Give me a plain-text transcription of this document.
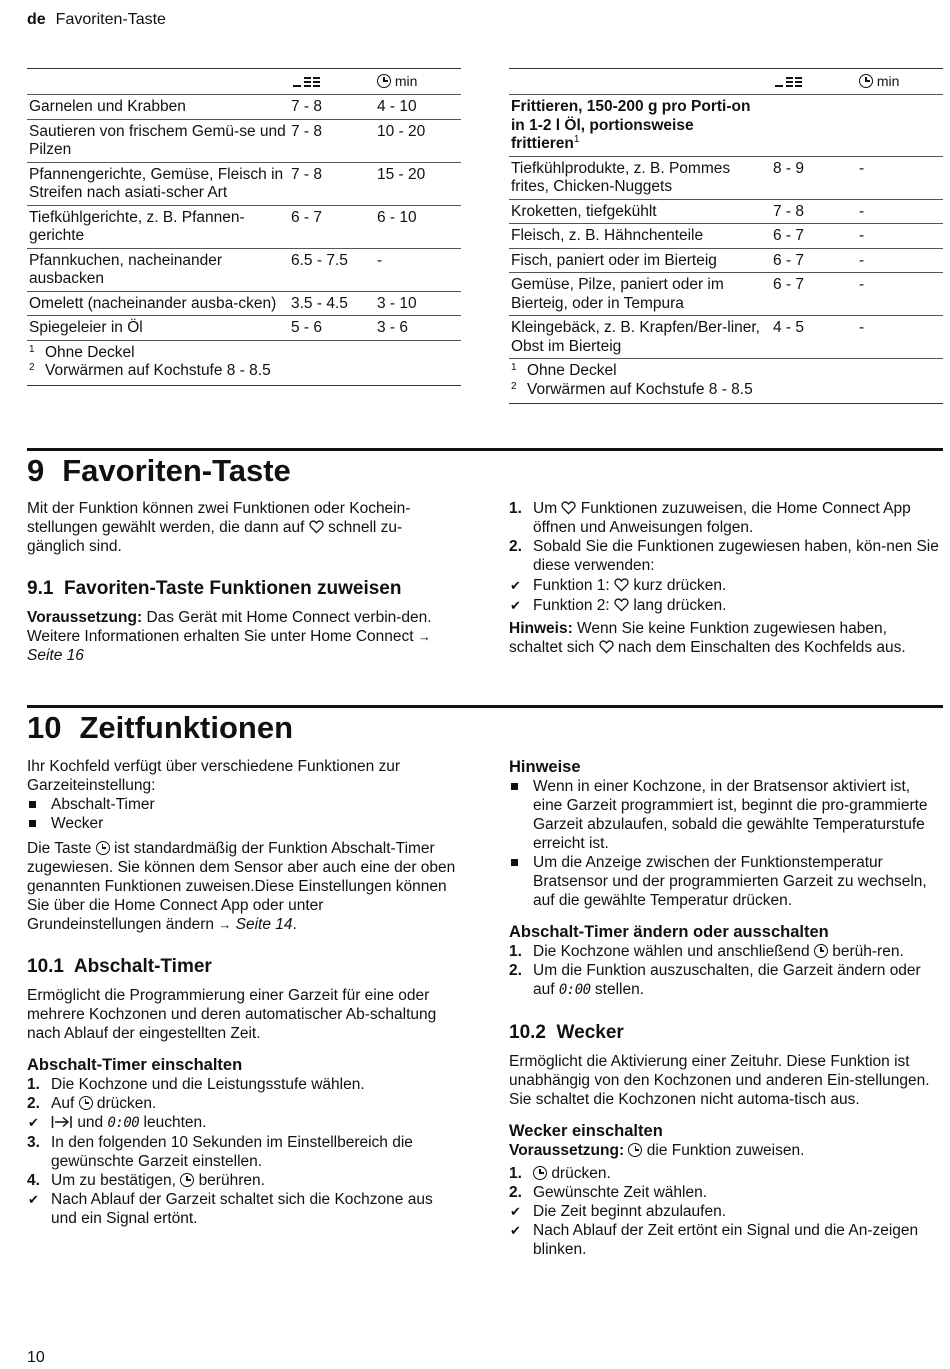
de Favoriten-Taste

	min
Garnelen und Krabben	7 - 8	4 - 10
Sautieren von frischem Gemü-se und Pilzen	7 - 8	10 - 20
Pfannengerichte, Gemüse, Fleisch in Streifen nach asiati-scher Art	7 - 8	15 - 20
Tiefkühlgerichte, z. B. Pfannen-gerichte	6 - 7	6 - 10
Pfannkuchen, nacheinander ausbacken	6.5 - 7.5	-
Omelett (nacheinander ausba-cken)	3.5 - 4.5	3 - 10
Spiegeleier in Öl	5 - 6	3 - 6

1 Ohne Deckel
2 Vorwärmen auf Kochstufe 8 - 8.5		

	min
Frittieren, 150-200 g pro Porti-on in 1-2 l Öl, portionsweise frittieren$^1$
Tiefkühlprodukte, z. B. Pommes frites, Chicken-Nuggets	8 - 9	-
Kroketten, tiefgekühlt	7 - 8	-
Fleisch, z. B. Hähnchenteile	6 - 7	-
Fisch, paniert oder im Bierteig	6 - 7	-
Gemüse, Pilze, paniert oder im Bierteig, oder in Tempura	6 - 7	-
Kleingebäck, z. B. Krapfen/Ber-liner, Obst im Bierteig	4 - 5	-

1 Ohne Deckel
2 Vorwärmen auf Kochstufe 8 - 8.5		
9 Favoriten-Taste

Mit der Funktion können zwei Funktionen oder Kochein-stellungen gewählt werden, die dann auf schnell zu-gänglich sind.

9.1 Favoriten-Taste Funktionen zuweisen

Voraussetzung: Das Gerät mit Home Connect verbin-den. Weitere Informationen erhalten Sie unter Home Connect → Seite 16

1. Um Funktionen zuzuweisen, die Home Connect App öffnen und Anweisungen folgen.
2. Sobald Sie die Funktionen zugewiesen haben, kön-nen Sie diese verwenden:
✔ Funktion 1: kurz drücken.
✔ Funktion 2: lang drücken.

Hinweis: Wenn Sie keine Funktion zugewiesen haben, schaltet sich nach dem Einschalten des Kochfelds aus.

10 Zeitfunktionen

Ihr Kochfeld verfügt über verschiedene Funktionen zur Garzeiteinstellung:

Abschalt-Timer
Wecker

Die Taste ist standardmäßig der Funktion Abschalt-Timer zugewiesen. Sie können dem Sensor aber auch eine der oben genannten Funktionen zuweisen.Diese Einstellungen können Sie über die Home Connect App oder unter Grundeinstellungen ändern → Seite 14.

10.1 Abschalt-Timer

Ermöglicht die Programmierung einer Garzeit für eine oder mehrere Kochzonen und deren automatischer Ab-schaltung nach Ablauf der eingestellten Zeit.

Abschalt-Timer einschalten
1. Die Kochzone und die Leistungsstufe wählen.
2. Auf drücken.
✔ und 0:00 leuchten.
3. In den folgenden 10 Sekunden im Einstellbereich die gewünschte Garzeit einstellen.
4. Um zu bestätigen, berühren.
✔ Nach Ablauf der Garzeit schaltet sich die Kochzone aus und ein Signal ertönt.
Hinweise
Wenn in einer Kochzone, in der Bratsensor aktiviert ist, eine Garzeit programmiert ist, beginnt die pro-grammierte Garzeit abzulaufen, sobald die gewählte Temperaturstufe erreicht ist.
Um die Anzeige zwischen der Funktionstemperatur Bratsensor und der programmierten Garzeit zu wechseln, auf die gewählte Temperatur drücken.
Abschalt-Timer ändern oder ausschalten
1. Die Kochzone wählen und anschließend berüh-ren.
2. Um die Funktion auszuschalten, die Garzeit ändern oder auf 0:00 stellen.
10.2 Wecker

Ermöglicht die Aktivierung einer Zeituhr. Diese Funktion ist unabhängig von den Kochzonen und anderen Ein-stellungen. Sie schaltet die Kochzonen nicht automa-tisch aus.

Wecker einschalten

Voraussetzung: die Funktion zuweisen.

1.	drücken.
2. Gewünschte Zeit wählen.
✔ Die Zeit beginnt abzulaufen.
✔ Nach Ablauf der Zeit ertönt ein Signal und die An-zeigen blinken.
10
